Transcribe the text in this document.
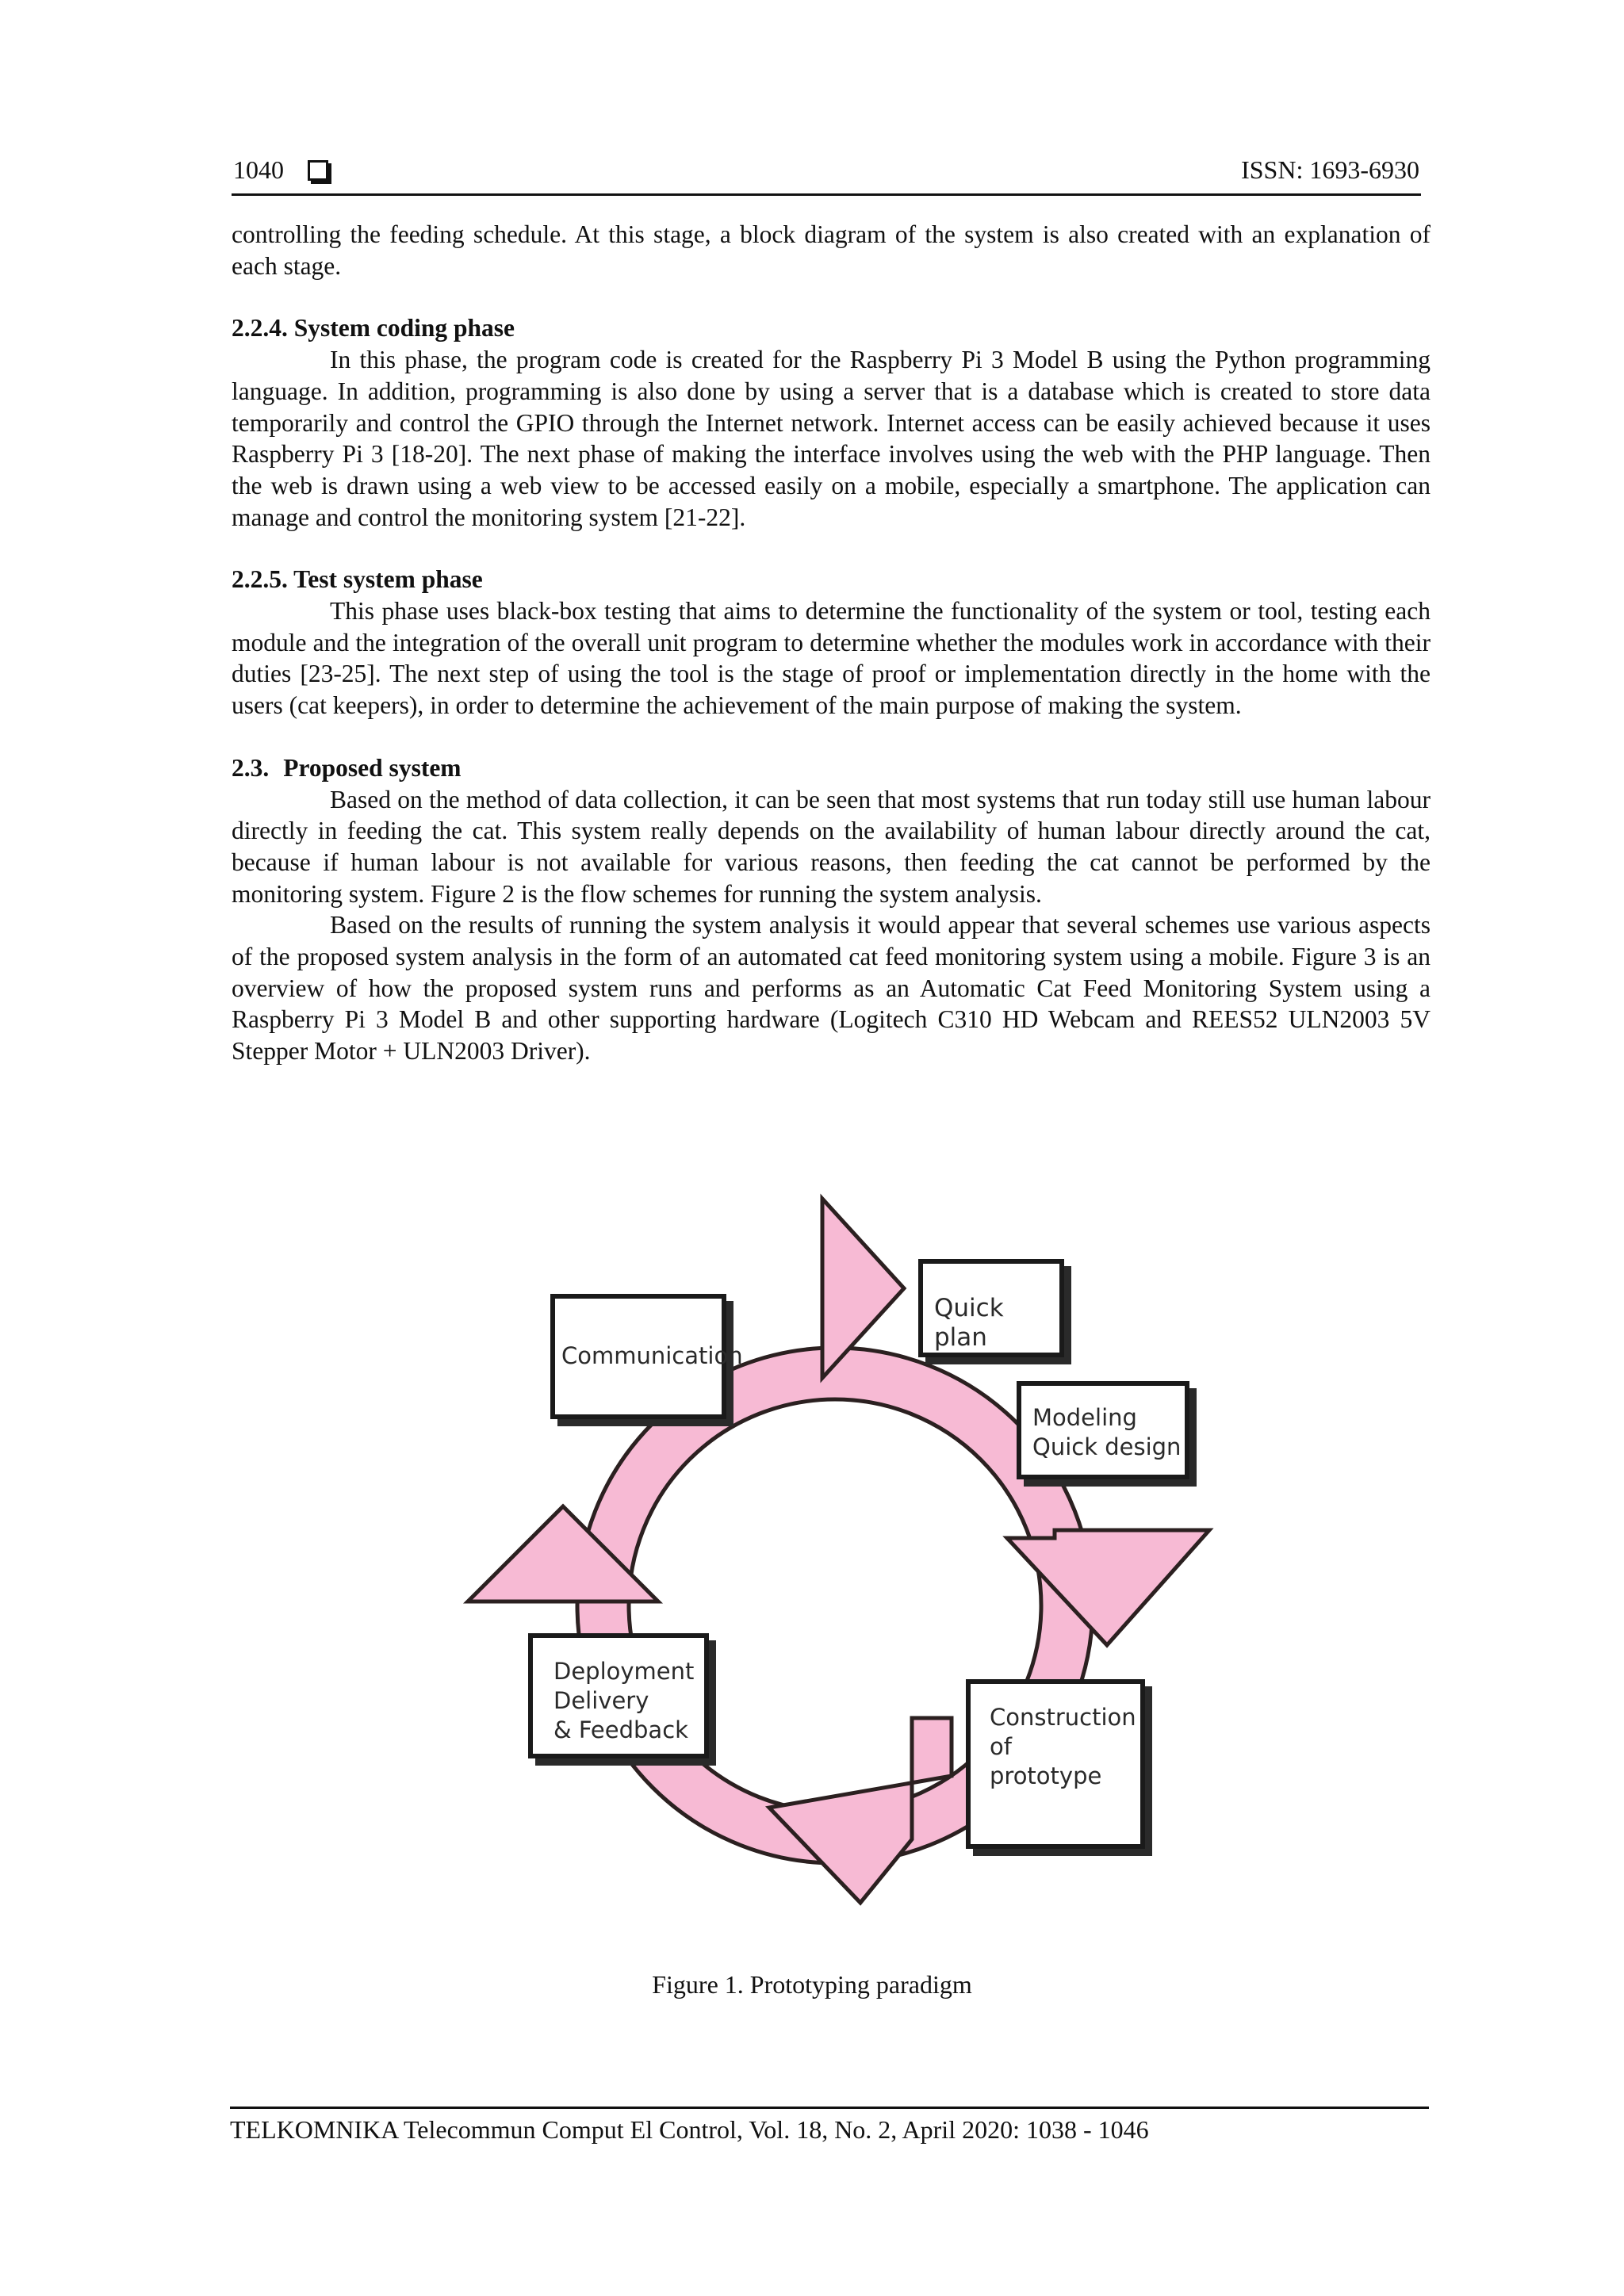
1040	ISSN: 1693-6930

controlling the feeding schedule. At this stage, a block diagram of the system is also created with an explanation of each stage.

2.2.4. System coding phase

In this phase, the program code is created for the Raspberry Pi 3 Model B using the Python programming language. In addition, programming is also done by using a server that is a database which is created to store data temporarily and control the GPIO through the Internet network. Internet access can be easily achieved because it uses Raspberry Pi 3 [18-20]. The next phase of making the interface involves using the web with the PHP language. Then the web is drawn using a web view to be accessed easily on a mobile, especially a smartphone. The application can manage and control the monitoring system [21-22].

2.2.5. Test system phase

This phase uses black-box testing that aims to determine the functionality of the system or tool, testing each module and the integration of the overall unit program to determine whether the modules work in accordance with their duties [23-25]. The next step of using the tool is the stage of proof or implementation directly in the home with the users (cat keepers), in order to determine the achievement of the main purpose of making the system.

2.3. Proposed system

Based on the method of data collection, it can be seen that most systems that run today still use human labour directly in feeding the cat. This system really depends on the availability of human labour directly around the cat, because if human labour is not available for various reasons, then feeding the cat cannot be performed by the monitoring system. Figure 2 is the flow schemes for running the system analysis.

Based on the results of running the system analysis it would appear that several schemes use various aspects of the proposed system analysis in the form of an automated cat feed monitoring system using a mobile. Figure 3 is an overview of how the proposed system runs and performs as an Automatic Cat Feed Monitoring System using a Raspberry Pi 3 Model B and other supporting hardware (Logitech C310 HD Webcam and REES52 ULN2003 5V Stepper Motor + ULN2003 Driver).

Communication
Quick plan
Modeling
Quick design
Construction
of
prototype
Deployment
Delivery
& Feedback
Figure 1. Prototyping paradigm
TELKOMNIKA Telecommun Comput El Control, Vol. 18, No. 2, April 2020: 1038 - 1046
